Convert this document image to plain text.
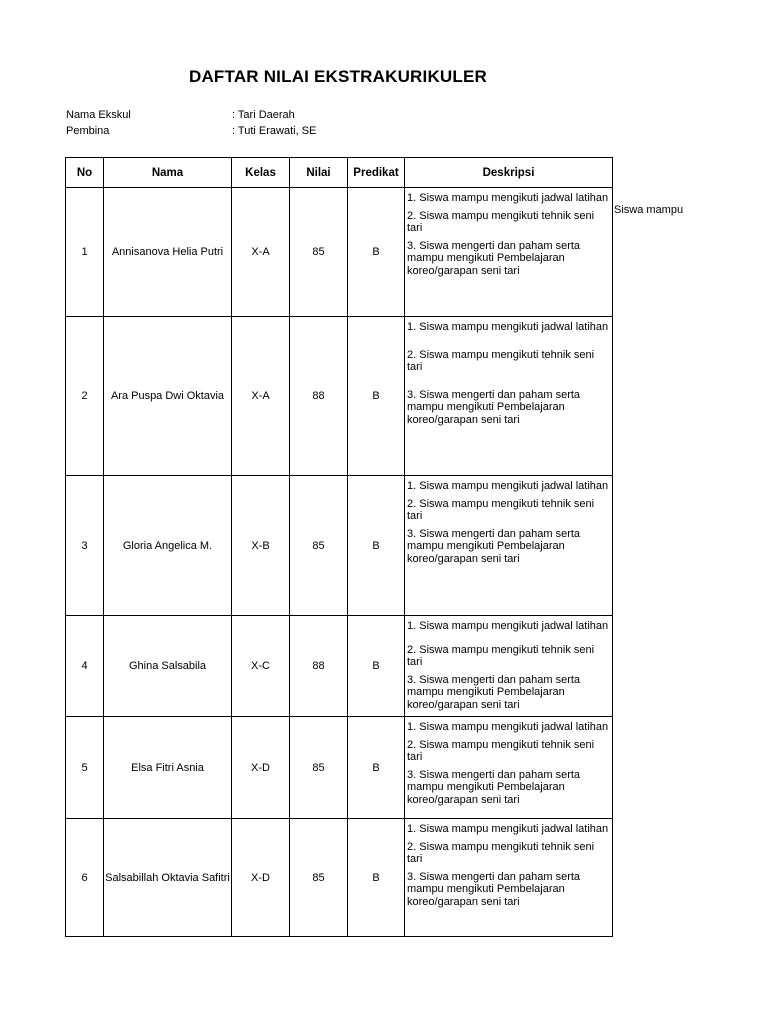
DAFTAR NILAI EKSTRAKURIKULER
Nama Ekskul	: Tari Daerah
Pembina	: Tuti Erawati, SE
No	Nama	Kelas	Nilai	Predikat	Deskripsi
1	Annisanova Helia Putri	X-A	85	B	1. Siswa mampu mengikuti jadwal latihan
2. Siswa mampu mengikuti tehnik seni tari
3. Siswa mengerti dan paham serta mampu mengikuti Pembelajaran koreo/garapan seni tari

2	Ara Puspa Dwi Oktavia	X-A	88	B	1. Siswa mampu mengikuti jadwal latihan
2. Siswa mampu mengikuti tehnik seni tari
3. Siswa mengerti dan paham serta mampu mengikuti Pembelajaran koreo/garapan seni tari

3	Gloria Angelica M.	X-B	85	B	1. Siswa mampu mengikuti jadwal latihan
2. Siswa mampu mengikuti tehnik seni tari
3. Siswa mengerti dan paham serta mampu mengikuti Pembelajaran koreo/garapan seni tari

4	Ghina Salsabila	X-C	88	B	1. Siswa mampu mengikuti jadwal latihan
2. Siswa mampu mengikuti tehnik seni tari
3. Siswa mengerti dan paham serta mampu mengikuti Pembelajaran koreo/garapan seni tari

5	Elsa Fitri Asnia	X-D	85	B	1. Siswa mampu mengikuti jadwal latihan
2. Siswa mampu mengikuti tehnik seni tari
3. Siswa mengerti dan paham serta mampu mengikuti Pembelajaran koreo/garapan seni tari

6	Salsabillah Oktavia Safitri	X-D	85	B	1. Siswa mampu mengikuti jadwal latihan
2. Siswa mampu mengikuti tehnik seni tari
3. Siswa mengerti dan paham serta mampu mengikuti Pembelajaran koreo/garapan seni tari
Siswa mampu
